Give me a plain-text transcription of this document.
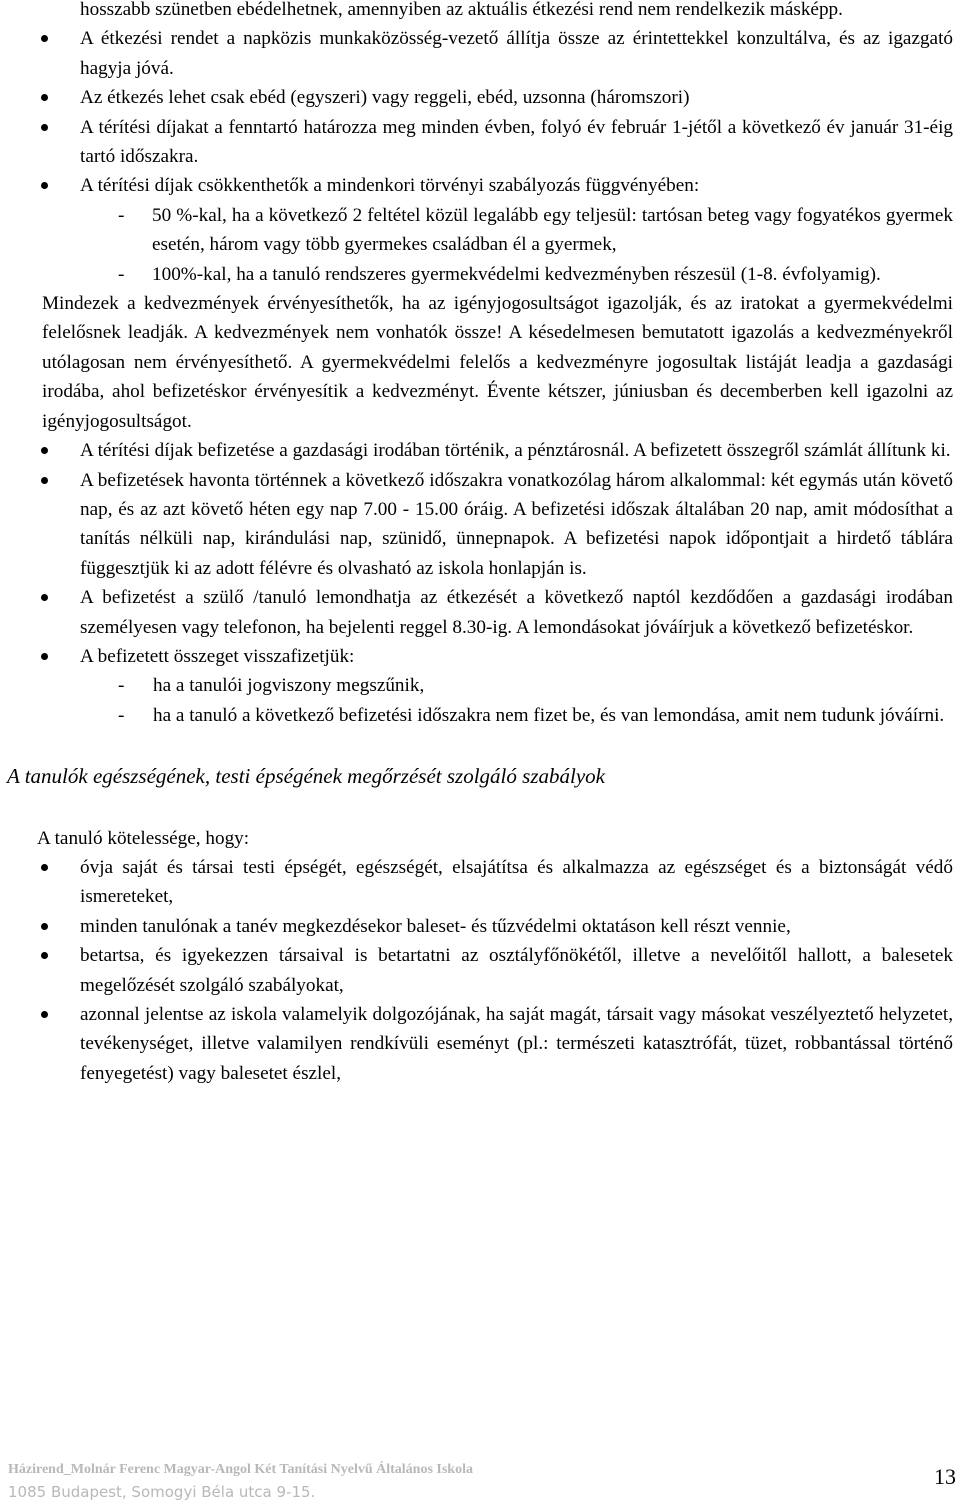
hosszabb szünetben ebédelhetnek, amennyiben az aktuális étkezési rend nem rendelkezik másképp.

A étkezési rendet a napközis munkaközösség-vezető állítja össze az érintettekkel konzultálva, és az igazgató hagyja jóvá.
Az étkezés lehet csak ebéd (egyszeri) vagy reggeli, ebéd, uzsonna (háromszori)
A térítési díjakat a fenntartó határozza meg minden évben, folyó év február 1-jétől a következő év január 31-éig tartó időszakra.
A térítési díjak csökkenthetők a mindenkori törvényi szabályozás függvényében:
- 50 %-kal, ha a következő 2 feltétel közül legalább egy teljesül: tartósan beteg vagy fogyatékos gyermek esetén, három vagy több gyermekes családban él a gyermek,
- 100%-kal, ha a tanuló rendszeres gyermekvédelmi kedvezményben részesül (1-8. évfolyamig).

Mindezek a kedvezmények érvényesíthetők, ha az igényjogosultságot igazolják, és az iratokat a gyermekvédelmi felelősnek leadják. A kedvezmények nem vonhatók össze! A késedelmesen bemutatott igazolás a kedvezményekről utólagosan nem érvényesíthető. A gyermekvédelmi felelős a kedvezményre jogosultak listáját leadja a gazdasági irodába, ahol befizetéskor érvényesítik a kedvezményt. Évente kétszer, júniusban és decemberben kell igazolni az igényjogosultságot.

A térítési díjak befizetése a gazdasági irodában történik, a pénztárosnál. A befizetett összegről számlát állítunk ki.
A befizetések havonta történnek a következő időszakra vonatkozólag három alkalommal: két egymás után követő nap, és az azt követő héten egy nap 7.00 - 15.00 óráig. A befizetési időszak általában 20 nap, amit módosíthat a tanítás nélküli nap, kirándulási nap, szünidő, ünnepnapok. A befizetési napok időpontjait a hirdető táblára függesztjük ki az adott félévre és olvasható az iskola honlapján is.
A befizetést a szülő /tanuló lemondhatja az étkezését a következő naptól kezdődően a gazdasági irodában személyesen vagy telefonon, ha bejelenti reggel 8.30-ig. A lemondásokat jóváírjuk a következő befizetéskor.
A befizetett összeget visszafizetjük:
- ha a tanulói jogviszony megszűnik,
- ha a tanuló a következő befizetési időszakra nem fizet be, és van lemondása, amit nem tudunk jóváírni.

A tanulók egészségének, testi épségének megőrzését szolgáló szabályok

A tanuló kötelessége, hogy:

óvja saját és társai testi épségét, egészségét, elsajátítsa és alkalmazza az egészséget és a biztonságát védő ismereteket,
minden tanulónak a tanév megkezdésekor baleset- és tűzvédelmi oktatáson kell részt vennie,
betartsa, és igyekezzen társaival is betartatni az osztályfőnökétől, illetve a nevelőitől hallott, a balesetek megelőzését szolgáló szabályokat,
azonnal jelentse az iskola valamelyik dolgozójának, ha saját magát, társait vagy másokat veszélyeztető helyzetet, tevékenységet, illetve valamilyen rendkívüli eseményt (pl.: természeti katasztrófát, tüzet, robbantással történő fenyegetést) vagy balesetet észlel,
Házirend_Molnár Ferenc Magyar-Angol Két Tanítási Nyelvű Általános Iskola
1085 Budapest, Somogyi Béla utca 9-15.
13
